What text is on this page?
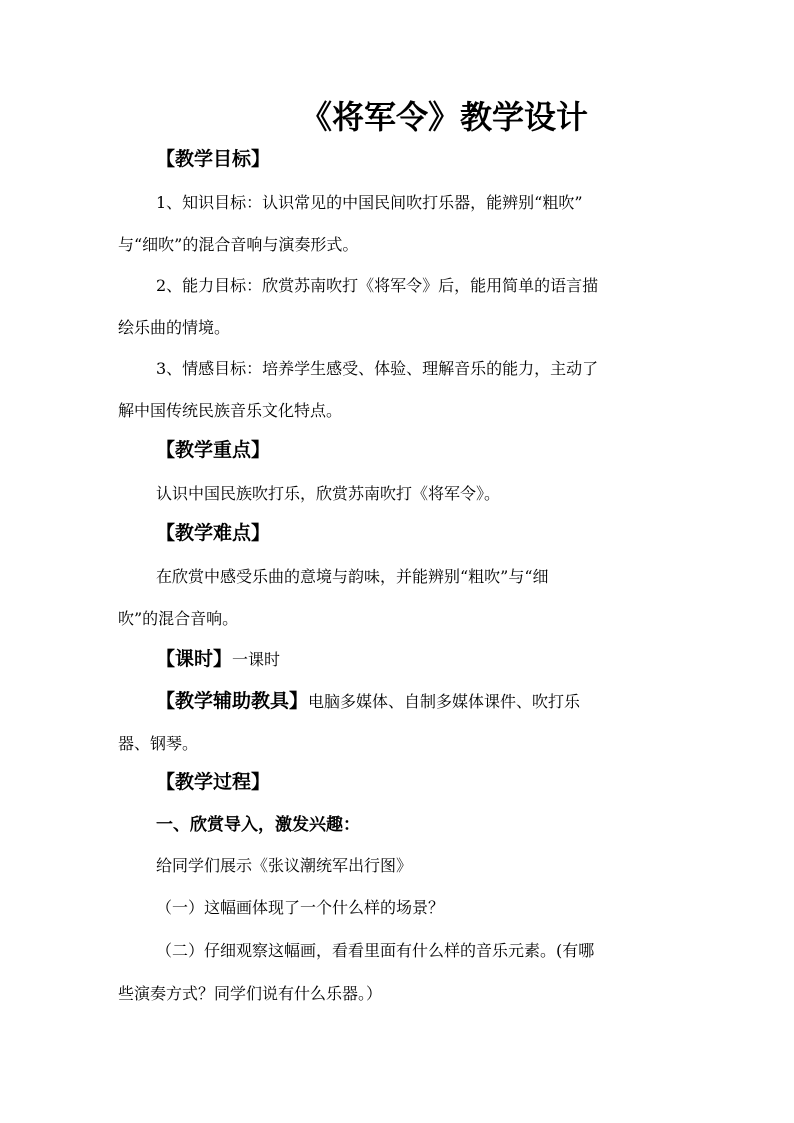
《将军令》教学设计
【教学目标】
1、知识目标：认识常见的中国民间吹打乐器，能辨别“粗吹”
与“细吹”的混合音响与演奏形式。
2、能力目标：欣赏苏南吹打《将军令》后，能用简单的语言描
绘乐曲的情境。
3、情感目标：培养学生感受、体验、理解音乐的能力，主动了
解中国传统民族音乐文化特点。
【教学重点】
认识中国民族吹打乐，欣赏苏南吹打《将军令》。
【教学难点】
在欣赏中感受乐曲的意境与韵味，并能辨别“粗吹”与“细
吹”的混合音响。
【课时】一课时
【教学辅助教具】电脑多媒体、自制多媒体课件、吹打乐
器、钢琴。
【教学过程】
一、欣赏导入，激发兴趣：
给同学们展示《张议潮统军出行图》
（一）这幅画体现了一个什么样的场景？
（二）仔细观察这幅画，看看里面有什么样的音乐元素。(有哪
些演奏方式？同学们说有什么乐器。）
